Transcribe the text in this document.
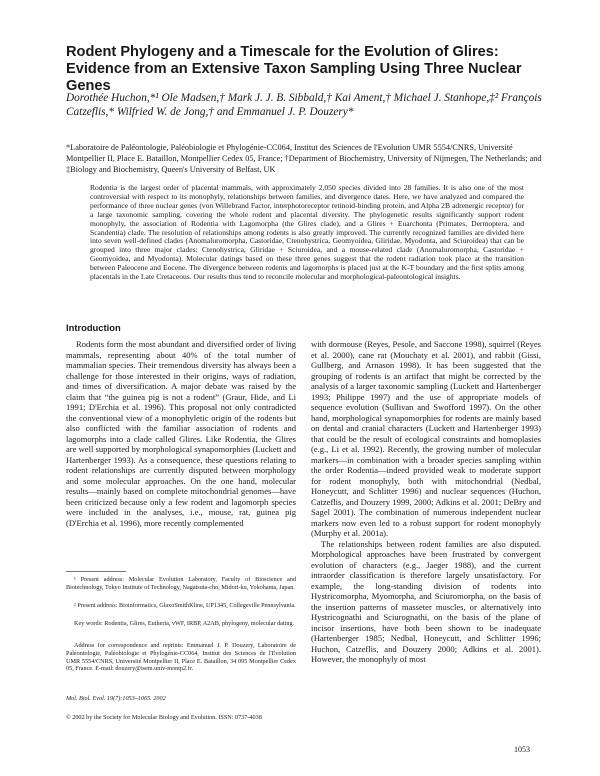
Rodent Phylogeny and a Timescale for the Evolution of Glires: Evidence from an Extensive Taxon Sampling Using Three Nuclear Genes

Dorothée Huchon,*¹ Ole Madsen,† Mark J. J. B. Sibbald,† Kai Ament,† Michael J. Stanhope,‡² François Catzeflis,* Wilfried W. de Jong,† and Emmanuel J. P. Douzery*

*Laboratoire de Paléontologie, Paléobiologie et Phylogénie-CC064, Institut des Sciences de l'Evolution UMR 5554/CNRS, Université Montpellier II, Place E. Bataillon, Montpellier Cedex 05, France; †Department of Biochemistry, University of Nijmegen, The Netherlands; and ‡Biology and Biochemistry, Queen's University of Belfast, UK

Rodentia is the largest order of placental mammals, with approximately 2,050 species divided into 28 families. It is also one of the most controversial with respect to its monophyly, relationships between families, and divergence dates. Here, we have analyzed and compared the performance of three nuclear genes (von Willebrand Factor, interphotoreceptor retinoid-binding protein, and Alpha 2B adrenergic receptor) for a large taxonomic sampling, covering the whole rodent and placental diversity. The phylogenetic results significantly support rodent monophyly, the association of Rodentia with Lagomorpha (the Glires clade), and a Glires + Euarchonta (Primates, Dermoptera, and Scandentia) clade. The resolution of relationships among rodents is also greatly improved. The currently recognized families are divided here into seven well-defined clades (Anomaluromorpha, Castoridae, Ctenohystrica, Geomyoidea, Gliridae, Myodonta, and Sciuroidea) that can be grouped into three major clades: Ctenohystrica, Gliridae + Sciuroidea, and a mouse-related clade (Anomaluromorpha, Castoridae + Geomyoidea, and Myodonta). Molecular datings based on these three genes suggest that the rodent radiation took place at the transition between Paleocene and Eocene. The divergence between rodents and lagomorphs is placed just at the K-T boundary and the first splits among placentals in the Late Cretaceous. Our results thus tend to reconcile molecular and morphological-paleontological insights.

Introduction

Rodents form the most abundant and diversified order of living mammals, representing about 40% of the total number of mammalian species. Their tremendous diversity has always been a challenge for those interested in their origins, ways of radiation, and times of diversification. A major debate was raised by the claim that “the guinea pig is not a rodent” (Graur, Hide, and Li 1991; D'Erchia et al. 1996). This proposal not only contradicted the conventional view of a monophyletic origin of the rodents but also conflicted with the familiar association of rodents and lagomorphs into a clade called Glires. Like Rodentia, the Glires are well supported by morphological synapomorphies (Luckett and Hartenberger 1993). As a consequence, these questions relating to rodent relationships are currently disputed between morphology and some molecular approaches. On the one hand, molecular results—mainly based on complete mitochondrial genomes—have been criticized because only a few rodent and lagomorph species were included in the analyses, i.e., mouse, rat, guinea pig (D'Erchia et al. 1996), more recently complemented

with dormouse (Reyes, Pesole, and Saccone 1998), squirrel (Reyes et al. 2000), cane rat (Mouchaty et al. 2001), and rabbit (Gissi, Gullberg, and Arnason 1998). It has been suggested that the grouping of rodents is an artifact that might be corrected by the analysis of a larger taxonomic sampling (Luckett and Hartenberger 1993; Philippe 1997) and the use of appropriate models of sequence evolution (Sullivan and Swofford 1997). On the other hand, morphological synapomorphies for rodents are mainly based on dental and cranial characters (Luckett and Hartenberger 1993) that could be the result of ecological constraints and homoplasies (e.g., Li et al. 1992). Recently, the growing number of molecular markers—in combination with a broader species sampling within the order Rodentia—indeed provided weak to moderate support for rodent monophyly, both with mitochondrial (Nedbal, Honeycutt, and Schlitter 1996) and nuclear sequences (Huchon, Catzeflis, and Douzery 1999, 2000; Adkins et al. 2001; DeBry and Sagel 2001). The combination of numerous independent nuclear markers now even led to a robust support for rodent monophyly (Murphy et al. 2001a).

The relationships between rodent families are also disputed. Morphological approaches have been frustrated by convergent evolution of characters (e.g., Jaeger 1988), and the current intraorder classification is therefore largely unsatisfactory. For example, the long-standing division of rodents into Hystricomorpha, Myomorpha, and Sciuromorpha, on the basis of the insertion patterns of masseter muscles, or alternatively into Hystricognathi and Sciurognathi, on the basis of the plane of incisor insertions, have both been shown to be inadequate (Hartenberger 1985; Nedbal, Honeycutt, and Schlitter 1996; Huchon, Catzeflis, and Douzery 2000; Adkins et al. 2001). However, the monophyly of most

¹ Present address: Molecular Evolution Laboratory, Faculty of Bioscience and Biotechnology, Tokyo Institute of Technology, Nagatsuta-cho, Midori-ku, Yokohama, Japan.

² Present address: Bioinformatics, GlaxoSmithKline, UP1345, Collegeville Pennsylvania.

Key words: Rodentia, Glires, Eutheria, vWF, IRBP, A2AB, phylogeny, molecular dating.

Address for correspondence and reprints: Emmanuel J. P. Douzery, Laboratoire de Paléontologie, Paléobiologie et Phylogénie-CC064, Institut des Sciences de l'Evolution UMR 5554/CNRS, Université Montpellier II, Place E. Bataillon, 34 095 Montpellier Cedex 05, France. E-mail: douzery@isem.univ-montp2.fr.

Mol. Biol. Evol. 19(7):1053–1065. 2002

© 2002 by the Society for Molecular Biology and Evolution. ISSN: 0737-4038

1053
